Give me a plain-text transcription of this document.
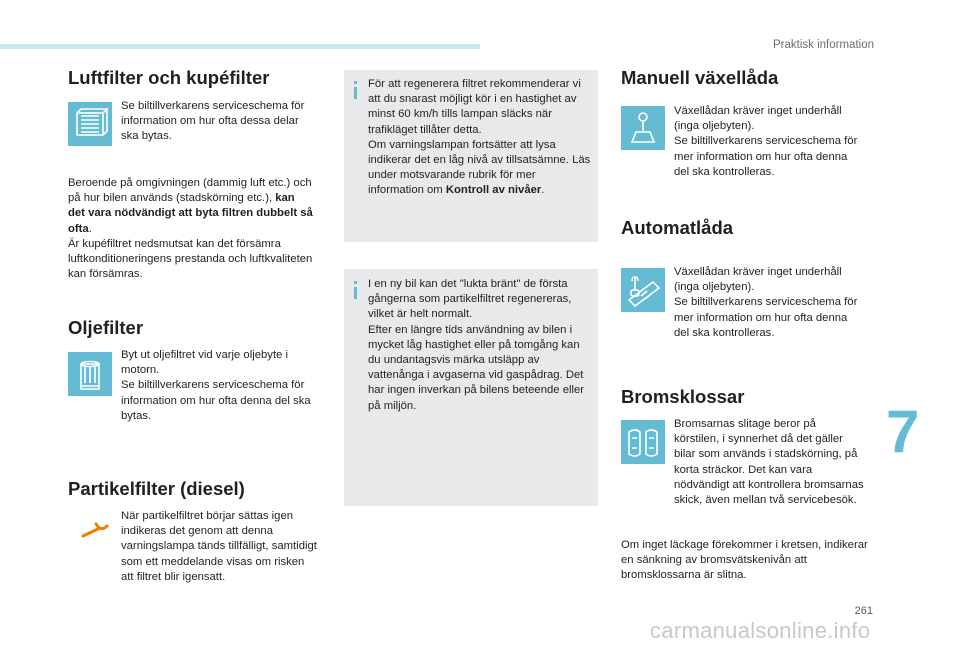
Praktisk information
Luftfilter och kupéfilter

Se biltillverkarens serviceschema för information om hur ofta dessa delar ska bytas.

Beroende på omgivningen (dammig luft etc.) och på hur bilen används (stadskörning etc.), kan det vara nödvändigt att byta filtren dubbelt så ofta.
Är kupéfiltret nedsmutsat kan det försämra luftkonditioneringens prestanda och luftkvaliteten kan försämras.

Oljefilter

Byt ut oljefiltret vid varje oljebyte i motorn.
Se biltillverkarens serviceschema för information om hur ofta denna del ska bytas.

Partikelfilter (diesel)

När partikelfiltret börjar sättas igen indikeras det genom att denna varningslampa tänds tillfälligt, samtidigt som ett meddelande visas om risken att filtret blir igensatt.

För att regenerera filtret rekommenderar vi att du snarast möjligt kör i en hastighet av minst 60 km/h tills lampan släcks när trafikläget tillåter detta.
Om varningslampan fortsätter att lysa indikerar det en låg nivå av tillsatsämne. Läs under motsvarande rubrik för mer information om Kontroll av nivåer.

I en ny bil kan det "lukta bränt" de första gångerna som partikelfiltret regenereras, vilket är helt normalt.
Efter en längre tids användning av bilen i mycket låg hastighet eller på tomgång kan du undantagsvis märka utsläpp av vattenånga i avgaserna vid gaspådrag. Det har ingen inverkan på bilens beteende eller på miljön.

Manuell växellåda

Växellådan kräver inget underhåll (inga oljebyten).
Se biltillverkarens serviceschema för mer information om hur ofta denna del ska kontrolleras.

Automatlåda

Växellådan kräver inget underhåll (inga oljebyten).
Se biltillverkarens serviceschema för mer information om hur ofta denna del ska kontrolleras.

Bromsklossar

Bromsarnas slitage beror på körstilen, i synnerhet då det gäller bilar som används i stadskörning, på korta sträckor. Det kan vara nödvändigt att kontrollera bromsarnas skick, även mellan två servicebesök.

Om inget läckage förekommer i kretsen, indikerar en sänkning av bromsvätskenivån att bromsklossarna är slitna.

7
261
carmanualsonline.info
